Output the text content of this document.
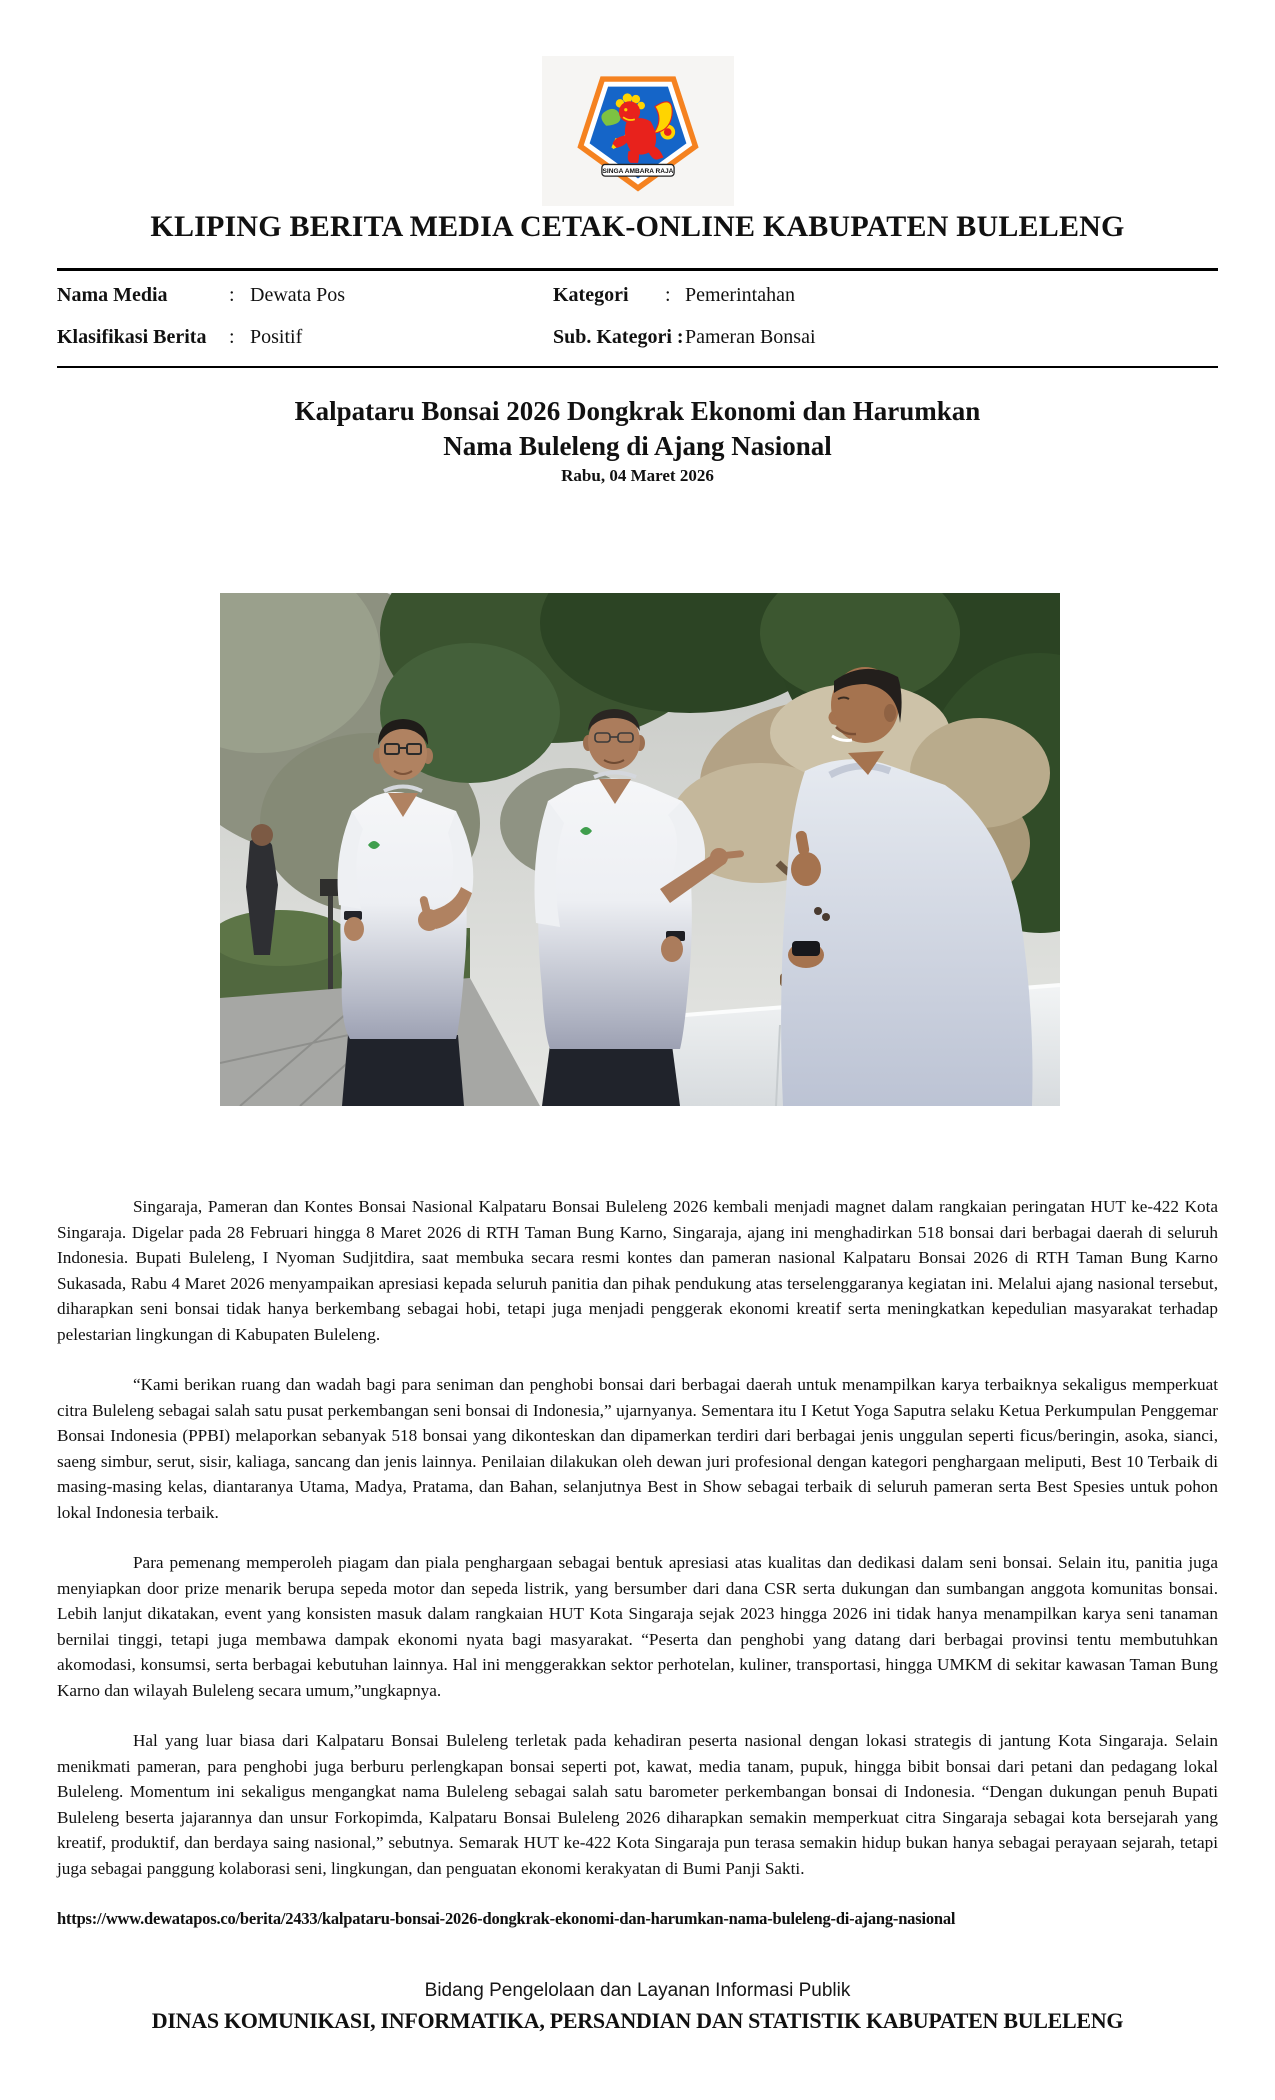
SINGA AMBARA RAJA
KLIPING BERITA MEDIA CETAK-ONLINE KABUPATEN BULELENG
Nama Media	: Dewata Pos	Kategori : Pemerintahan
Klasifikasi Berita : Positif	Sub. Kategori : Pameran Bonsai
Kalpataru Bonsai 2026 Dongkrak Ekonomi dan Harumkan
Nama Buleleng di Ajang Nasional
Rabu, 04 Maret 2026

Singaraja, Pameran dan Kontes Bonsai Nasional Kalpataru Bonsai Buleleng 2026 kembali menjadi magnet dalam rangkaian peringatan HUT ke-422 Kota Singaraja. Digelar pada 28 Februari hingga 8 Maret 2026 di RTH Taman Bung Karno, Singaraja, ajang ini menghadirkan 518 bonsai dari berbagai daerah di seluruh Indonesia. Bupati Buleleng, I Nyoman Sudjitdira, saat membuka secara resmi kontes dan pameran nasional Kalpataru Bonsai 2026 di RTH Taman Bung Karno Sukasada, Rabu 4 Maret 2026 menyampaikan apresiasi kepada seluruh panitia dan pihak pendukung atas terselenggaranya kegiatan ini. Melalui ajang nasional tersebut, diharapkan seni bonsai tidak hanya berkembang sebagai hobi, tetapi juga menjadi penggerak ekonomi kreatif serta meningkatkan kepedulian masyarakat terhadap pelestarian lingkungan di Kabupaten Buleleng.

“Kami berikan ruang dan wadah bagi para seniman dan penghobi bonsai dari berbagai daerah untuk menampilkan karya terbaiknya sekaligus memperkuat citra Buleleng sebagai salah satu pusat perkembangan seni bonsai di Indonesia,” ujarnyanya. Sementara itu I Ketut Yoga Saputra selaku Ketua Perkumpulan Penggemar Bonsai Indonesia (PPBI) melaporkan sebanyak 518 bonsai yang dikonteskan dan dipamerkan terdiri dari berbagai jenis unggulan seperti ficus/beringin, asoka, sianci, saeng simbur, serut, sisir, kaliaga, sancang dan jenis lainnya. Penilaian dilakukan oleh dewan juri profesional dengan kategori penghargaan meliputi, Best 10 Terbaik di masing-masing kelas, diantaranya Utama, Madya, Pratama, dan Bahan, selanjutnya Best in Show sebagai terbaik di seluruh pameran serta Best Spesies untuk pohon lokal Indonesia terbaik.

Para pemenang memperoleh piagam dan piala penghargaan sebagai bentuk apresiasi atas kualitas dan dedikasi dalam seni bonsai. Selain itu, panitia juga menyiapkan door prize menarik berupa sepeda motor dan sepeda listrik, yang bersumber dari dana CSR serta dukungan dan sumbangan anggota komunitas bonsai. Lebih lanjut dikatakan, event yang konsisten masuk dalam rangkaian HUT Kota Singaraja sejak 2023 hingga 2026 ini tidak hanya menampilkan karya seni tanaman bernilai tinggi, tetapi juga membawa dampak ekonomi nyata bagi masyarakat. “Peserta dan penghobi yang datang dari berbagai provinsi tentu membutuhkan akomodasi, konsumsi, serta berbagai kebutuhan lainnya. Hal ini menggerakkan sektor perhotelan, kuliner, transportasi, hingga UMKM di sekitar kawasan Taman Bung Karno dan wilayah Buleleng secara umum,”ungkapnya.

Hal yang luar biasa dari Kalpataru Bonsai Buleleng terletak pada kehadiran peserta nasional dengan lokasi strategis di jantung Kota Singaraja. Selain menikmati pameran, para penghobi juga berburu perlengkapan bonsai seperti pot, kawat, media tanam, pupuk, hingga bibit bonsai dari petani dan pedagang lokal Buleleng. Momentum ini sekaligus mengangkat nama Buleleng sebagai salah satu barometer perkembangan bonsai di Indonesia. “Dengan dukungan penuh Bupati Buleleng beserta jajarannya dan unsur Forkopimda, Kalpataru Bonsai Buleleng 2026 diharapkan semakin memperkuat citra Singaraja sebagai kota bersejarah yang kreatif, produktif, dan berdaya saing nasional,” sebutnya. Semarak HUT ke-422 Kota Singaraja pun terasa semakin hidup bukan hanya sebagai perayaan sejarah, tetapi juga sebagai panggung kolaborasi seni, lingkungan, dan penguatan ekonomi kerakyatan di Bumi Panji Sakti.

https://www.dewatapos.co/berita/2433/kalpataru-bonsai-2026-dongkrak-ekonomi-dan-harumkan-nama-buleleng-di-ajang-nasional
Bidang Pengelolaan dan Layanan Informasi Publik
DINAS KOMUNIKASI, INFORMATIKA, PERSANDIAN DAN STATISTIK KABUPATEN BULELENG
